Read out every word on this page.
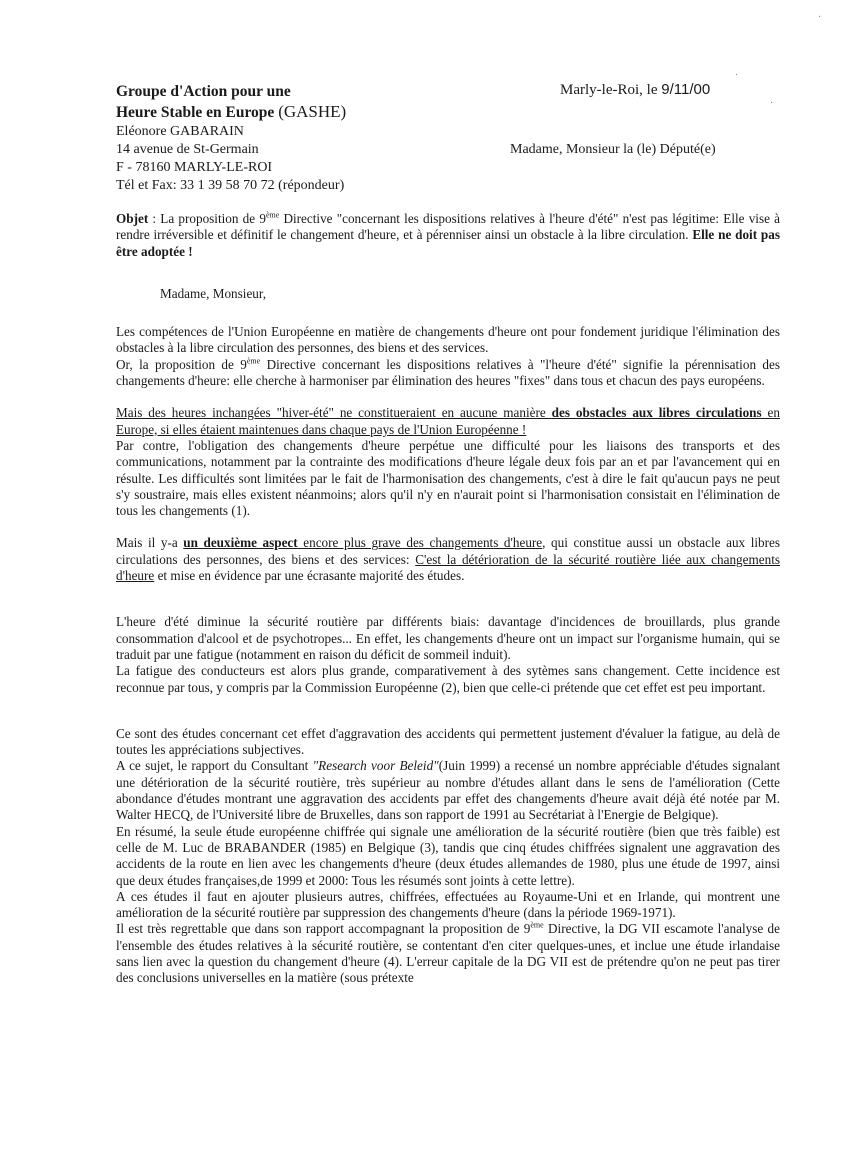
·
·
·

Groupe d'Action pour une

Heure Stable en Europe (GASHE)

Eléonore GABARAIN

14 avenue de St-Germain

F - 78160 MARLY-LE-ROI

Tél et Fax: 33 1 39 58 70 72 (répondeur)

Marly-le-Roi, le 9/11/00
Madame, Monsieur la (le) Député(e)

Objet : La proposition de 9ème Directive "concernant les dispositions relatives à l'heure d'été" n'est pas légitime: Elle vise à rendre irréversible et définitif le changement d'heure, et à pérenniser ainsi un obstacle à la libre circulation. Elle ne doit pas être adoptée !

Madame, Monsieur,

Les compétences de l'Union Européenne en matière de changements d'heure ont pour fondement juridique l'élimination des obstacles à la libre circulation des personnes, des biens et des services.

Or, la proposition de 9ème Directive concernant les dispositions relatives à "l'heure d'été" signifie la pérennisation des changements d'heure: elle cherche à harmoniser par élimination des heures "fixes" dans tous et chacun des pays européens.

Mais des heures inchangées "hiver-été" ne constitueraient en aucune manière des obstacles aux libres circulations en Europe, si elles étaient maintenues dans chaque pays de l'Union Européenne !

Par contre, l'obligation des changements d'heure perpétue une difficulté pour les liaisons des transports et des communications, notamment par la contrainte des modifications d'heure légale deux fois par an et par l'avancement qui en résulte. Les difficultés sont limitées par le fait de l'harmonisation des changements, c'est à dire le fait qu'aucun pays ne peut s'y soustraire, mais elles existent néanmoins; alors qu'il n'y en n'aurait point si l'harmonisation consistait en l'élimination de tous les changements (1).

Mais il y-a un deuxième aspect encore plus grave des changements d'heure, qui constitue aussi un obstacle aux libres circulations des personnes, des biens et des services: C'est la détérioration de la sécurité routière liée aux changements d'heure et mise en évidence par une écrasante majorité des études.

L'heure d'été diminue la sécurité routière par différents biais: davantage d'incidences de brouillards, plus grande consommation d'alcool et de psychotropes... En effet, les changements d'heure ont un impact sur l'organisme humain, qui se traduit par une fatigue (notamment en raison du déficit de sommeil induit).

La fatigue des conducteurs est alors plus grande, comparativement à des sytèmes sans changement. Cette incidence est reconnue par tous, y compris par la Commission Européenne (2), bien que celle-ci prétende que cet effet est peu important.

Ce sont des études concernant cet effet d'aggravation des accidents qui permettent justement d'évaluer la fatigue, au delà de toutes les appréciations subjectives.

A ce sujet, le rapport du Consultant "Research voor Beleid"(Juin 1999) a recensé un nombre appréciable d'études signalant une détérioration de la sécurité routière, très supérieur au nombre d'études allant dans le sens de l'amélioration (Cette abondance d'études montrant une aggravation des accidents par effet des changements d'heure avait déjà été notée par M. Walter HECQ, de l'Université libre de Bruxelles, dans son rapport de 1991 au Secrétariat à l'Energie de Belgique).

En résumé, la seule étude européenne chiffrée qui signale une amélioration de la sécurité routière (bien que très faible) est celle de M. Luc de BRABANDER (1985) en Belgique (3), tandis que cinq études chiffrées signalent une aggravation des accidents de la route en lien avec les changements d'heure (deux études allemandes de 1980, plus une étude de 1997, ainsi que deux études françaises,de 1999 et 2000: Tous les résumés sont joints à cette lettre).

A ces études il faut en ajouter plusieurs autres, chiffrées, effectuées au Royaume-Uni et en Irlande, qui montrent une amélioration de la sécurité routière par suppression des changements d'heure (dans la période 1969-1971).

Il est très regrettable que dans son rapport accompagnant la proposition de 9ème Directive, la DG VII escamote l'analyse de l'ensemble des études relatives à la sécurité routière, se contentant d'en citer quelques-unes, et inclue une étude irlandaise sans lien avec la question du changement d'heure (4). L'erreur capitale de la DG VII est de prétendre qu'on ne peut pas tirer des conclusions universelles en la matière (sous prétexte
